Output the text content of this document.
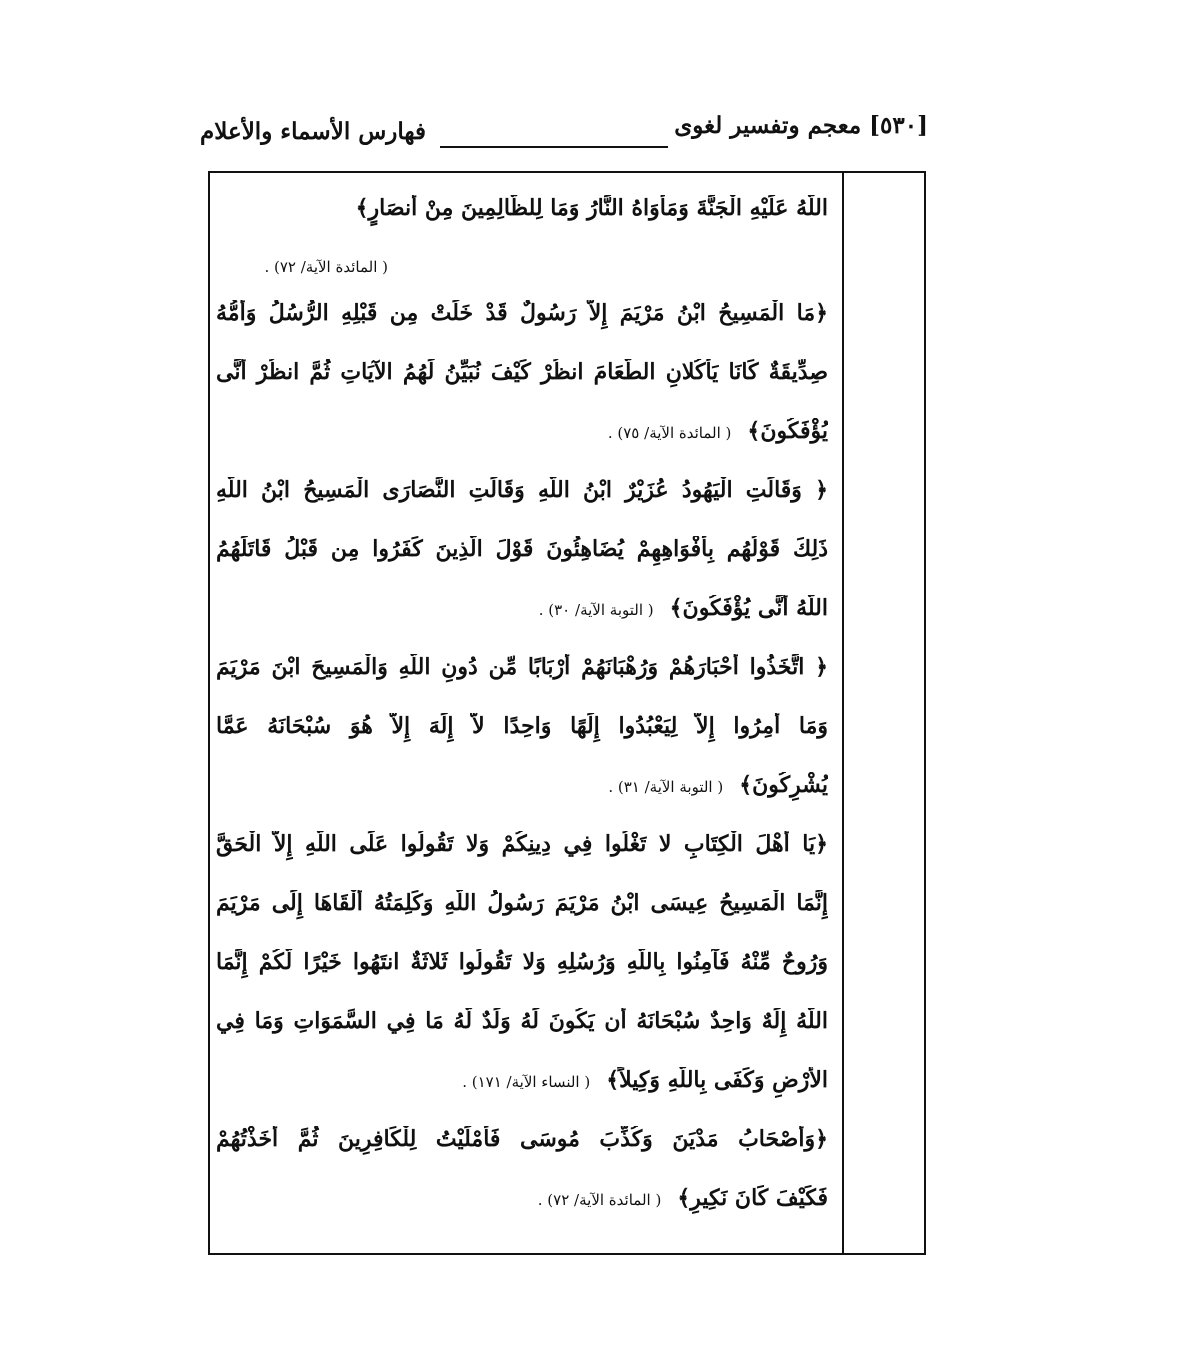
[٥٣٠] معجم وتفسير لغوى
فهارس الأسماء والأعلام
اللَّهُ عَلَيْهِ الْجَنَّةَ وَمَأْوَاهُ النَّارُ وَمَا لِلظَّالِمِينَ مِنْ أَنصَارٍ﴾
( المائدة الآية/ ٧٢) .
﴿مَا الْمَسِيحُ ابْنُ مَرْيَمَ إِلاَّ رَسُولٌ قَدْ خَلَتْ مِن قَبْلِهِ الرُّسُلُ وَأُمُّهُ
صِدِّيقَةٌ كَانَا يَأْكُلانِ الطَّعَامَ انظُرْ كَيْفَ نُبَيِّنُ لَهُمُ الآيَاتِ ثُمَّ انظُرْ أَنَّى
يُؤْفَكُونَ﴾( المائدة الآية/ ٧٥) .
﴿ وَقَالَتِ الْيَهُودُ عُزَيْرٌ ابْنُ اللَّهِ وَقَالَتِ النَّصَارَى الْمَسِيحُ ابْنُ اللَّهِ
ذَلِكَ قَوْلُهُم بِأَفْوَاهِهِمْ يُضَاهِئُونَ قَوْلَ الَّذِينَ كَفَرُوا مِن قَبْلُ قَاتَلَهُمُ
اللَّهُ أَنَّى يُؤْفَكُونَ﴾( التوبة الآية/ ٣٠) .
﴿ اتَّخَذُوا أَحْبَارَهُمْ وَرُهْبَانَهُمْ أَرْبَابًا مِّن دُونِ اللَّهِ وَالْمَسِيحَ ابْنَ مَرْيَمَ
وَمَا أُمِرُوا إِلاَّ لِيَعْبُدُوا إِلَهًا وَاحِدًا لاَّ إِلَهَ إِلاَّ هُوَ سُبْحَانَهُ عَمَّا
يُشْرِكُونَ﴾( التوبة الآية/ ٣١) .
﴿يَا أَهْلَ الْكِتَابِ لا تَغْلُوا فِي دِينِكُمْ وَلا تَقُولُوا عَلَى اللَّهِ إِلاَّ الْحَقَّ
إِنَّمَا الْمَسِيحُ عِيسَى ابْنُ مَرْيَمَ رَسُولُ اللَّهِ وَكَلِمَتُهُ أَلْقَاهَا إِلَى مَرْيَمَ
وَرُوحٌ مِّنْهُ فَآمِنُوا بِاللَّهِ وَرُسُلِهِ وَلا تَقُولُوا ثَلاثَةٌ انتَهُوا خَيْرًا لَّكُمْ إِنَّمَا
اللَّهُ إِلَهٌ وَاحِدٌ سُبْحَانَهُ أَن يَكُونَ لَهُ وَلَدٌ لَّهُ مَا فِي السَّمَوَاتِ وَمَا فِي
الأَرْضِ وَكَفَى بِاللَّهِ وَكِيلاً﴾( النساء الآية/ ١٧١) .
﴿وَأَصْحَابُ مَدْيَنَ وَكُذِّبَ مُوسَى فَأَمْلَيْتُ لِلْكَافِرِينَ ثُمَّ أَخَذْتُهُمْ
فَكَيْفَ كَانَ نَكِيرِ﴾( المائدة الآية/ ٧٢) .
